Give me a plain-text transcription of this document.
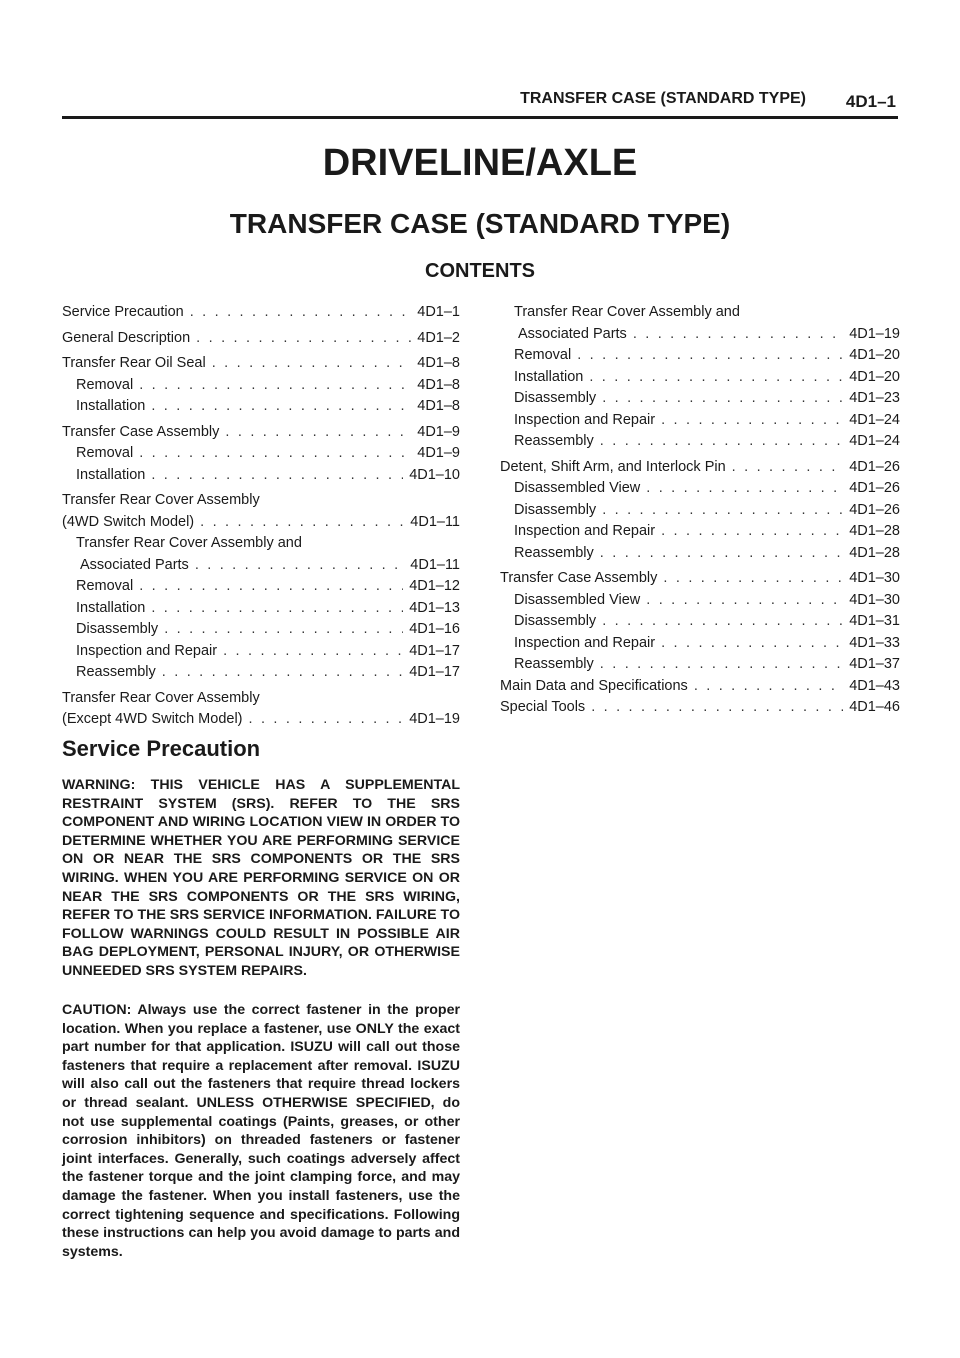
TRANSFER CASE (STANDARD TYPE) 4D1–1
DRIVELINE/AXLE
TRANSFER CASE (STANDARD TYPE)
CONTENTS
Service Precaution . . .	4D1–1
General Description . . .	4D1–2
Transfer Rear Oil Seal . . .	4D1–8
Removal . . .	4D1–8
Installation . . .	4D1–8
Transfer Case Assembly . . .	4D1–9
Removal . . .	4D1–9
Installation . . .	4D1–10
Transfer Rear Cover Assembly
(4WD Switch Model) . . .	4D1–11
Transfer Rear Cover Assembly and
Associated Parts . . .	4D1–11
Removal . . .	4D1–12
Installation . . .	4D1–13
Disassembly . . .	4D1–16
Inspection and Repair . . .	4D1–17
Reassembly . . .	4D1–17
Transfer Rear Cover Assembly
(Except 4WD Switch Model) . . .	4D1–19
Transfer Rear Cover Assembly and
Associated Parts . . .	4D1–19
Removal . . .	4D1–20
Installation . . .	4D1–20
Disassembly . . .	4D1–23
Inspection and Repair . . .	4D1–24
Reassembly . . .	4D1–24
Detent, Shift Arm, and Interlock Pin . . .	4D1–26
Disassembled View . . .	4D1–26
Disassembly . . .	4D1–26
Inspection and Repair . . .	4D1–28
Reassembly . . .	4D1–28
Transfer Case Assembly . . .	4D1–30
Disassembled View . . .	4D1–30
Disassembly . . .	4D1–31
Inspection and Repair . . .	4D1–33
Reassembly . . .	4D1–37
Main Data and Specifications . . .	4D1–43
Special Tools . . .	4D1–46
Service Precaution
WARNING: THIS VEHICLE HAS A SUPPLEMENTAL RESTRAINT SYSTEM (SRS). REFER TO THE SRS COMPONENT AND WIRING LOCATION VIEW IN ORDER TO DETERMINE WHETHER YOU ARE PERFORMING SERVICE ON OR NEAR THE SRS COMPONENTS OR THE SRS WIRING. WHEN YOU ARE PERFORMING SERVICE ON OR NEAR THE SRS COMPONENTS OR THE SRS WIRING, REFER TO THE SRS SERVICE INFORMATION. FAILURE TO FOLLOW WARNINGS COULD RESULT IN POSSIBLE AIR BAG DEPLOYMENT, PERSONAL INJURY, OR OTHERWISE UNNEEDED SRS SYSTEM REPAIRS.
CAUTION: Always use the correct fastener in the proper location. When you replace a fastener, use ONLY the exact part number for that application. ISUZU will call out those fasteners that require a replacement after removal. ISUZU will also call out the fasteners that require thread lockers or thread sealant. UNLESS OTHERWISE SPECIFIED, do not use supplemental coatings (Paints, greases, or other corrosion inhibitors) on threaded fasteners or fastener joint interfaces. Generally, such coatings adversely affect the fastener torque and the joint clamping force, and may damage the fastener. When you install fasteners, use the correct tightening sequence and specifications. Following these instructions can help you avoid damage to parts and systems.
